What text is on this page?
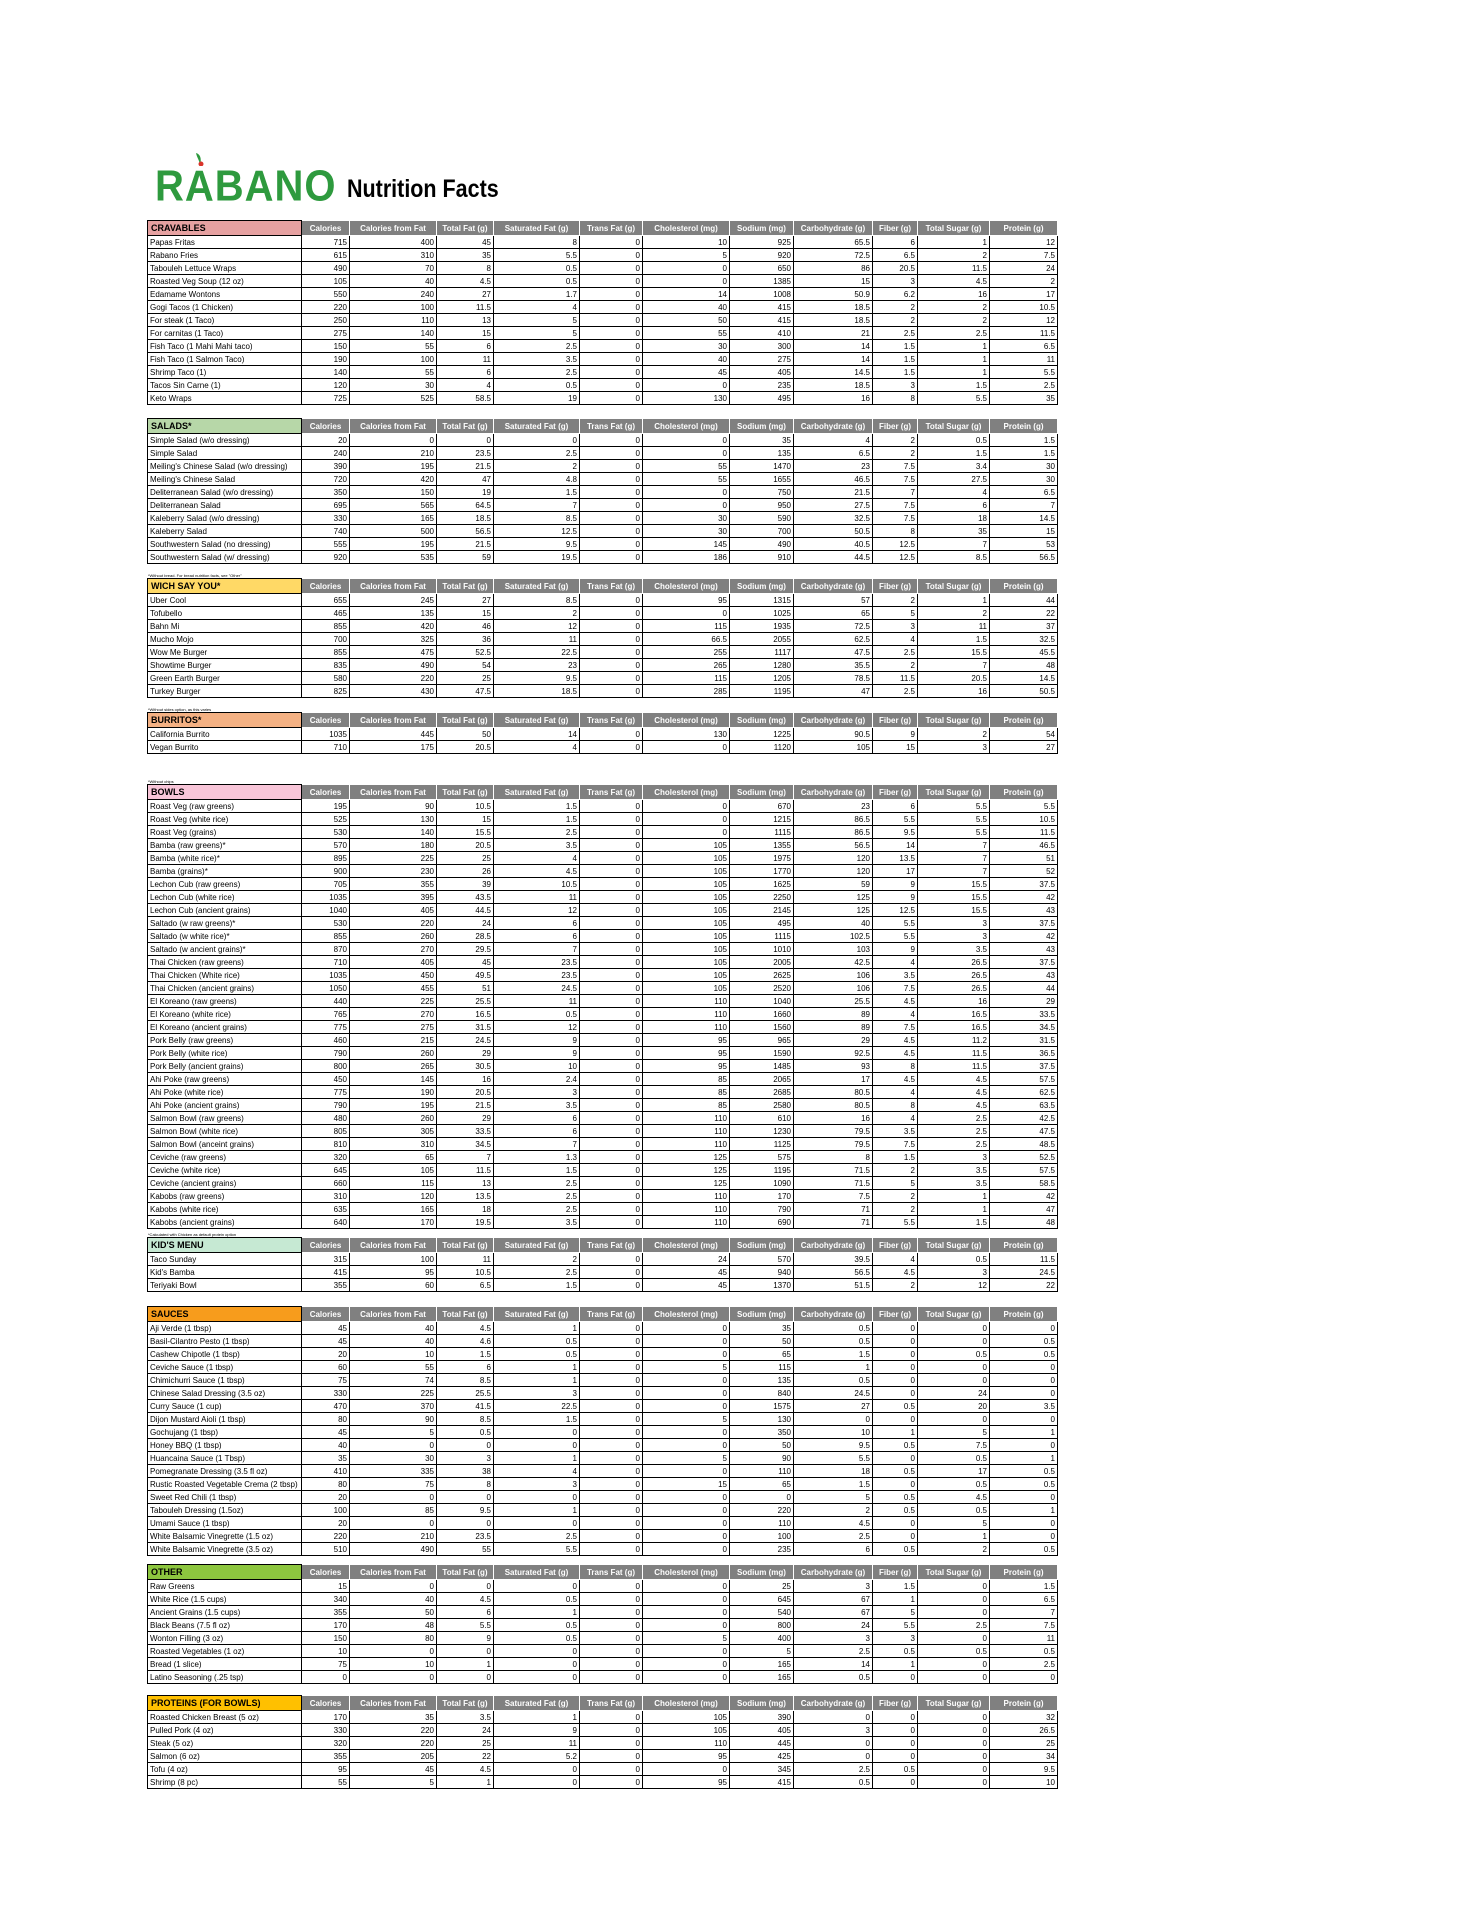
RABANO Nutrition Facts
CRAVABLES	Calories	Calories from Fat	Total Fat (g)	Saturated Fat (g)	Trans Fat (g)	Cholesterol (mg)	Sodium (mg)	Carbohydrate (g)	Fiber (g)	Total Sugar (g)	Protein (g)
Papas Fritas	715	400	45	8	0	10	925	65.5	6	1	12
Rabano Fries	615	310	35	5.5	0	5	920	72.5	6.5	2	7.5
Tabouleh Lettuce Wraps	490	70	8	0.5	0	0	650	86	20.5	11.5	24
Roasted Veg Soup (12 oz)	105	40	4.5	0.5	0	0	1385	15	3	4.5	2
Edamame Wontons	550	240	27	1.7	0	14	1008	50.9	6.2	16	17
Gogi Tacos (1 Chicken)	220	100	11.5	4	0	40	415	18.5	2	2	10.5
For steak (1 Taco)	250	110	13	5	0	50	415	18.5	2	2	12
For carnitas (1 Taco)	275	140	15	5	0	55	410	21	2.5	2.5	11.5
Fish Taco (1 Mahi Mahi taco)	150	55	6	2.5	0	30	300	14	1.5	1	6.5
Fish Taco (1 Salmon Taco)	190	100	11	3.5	0	40	275	14	1.5	1	11
Shrimp Taco (1)	140	55	6	2.5	0	45	405	14.5	1.5	1	5.5
Tacos Sin Carne (1)	120	30	4	0.5	0	0	235	18.5	3	1.5	2.5
Keto Wraps	725	525	58.5	19	0	130	495	16	8	5.5	35
SALADS*	Calories	Calories from Fat	Total Fat (g)	Saturated Fat (g)	Trans Fat (g)	Cholesterol (mg)	Sodium (mg)	Carbohydrate (g)	Fiber (g)	Total Sugar (g)	Protein (g)
Simple Salad (w/o dressing)	20	0	0	0	0	0	35	4	2	0.5	1.5
Simple Salad	240	210	23.5	2.5	0	0	135	6.5	2	1.5	1.5
Meiling's Chinese Salad (w/o dressing)	390	195	21.5	2	0	55	1470	23	7.5	3.4	30
Meiling's Chinese Salad	720	420	47	4.8	0	55	1655	46.5	7.5	27.5	30
Deliterranean Salad (w/o dressing)	350	150	19	1.5	0	0	750	21.5	7	4	6.5
Deliterranean Salad	695	565	64.5	7	0	0	950	27.5	7.5	6	7
Kaleberry Salad (w/o dressing)	330	165	18.5	8.5	0	30	590	32.5	7.5	18	14.5
Kaleberry Salad	740	500	56.5	12.5	0	30	700	50.5	8	35	15
Southwestern Salad (no dressing)	555	195	21.5	9.5	0	145	490	40.5	12.5	7	53
Southwestern Salad (w/ dressing)	920	535	59	19.5	0	186	910	44.5	12.5	8.5	56.5
*Without bread. For bread nutrition facts, see "Other"
WICH SAY YOU*	Calories	Calories from Fat	Total Fat (g)	Saturated Fat (g)	Trans Fat (g)	Cholesterol (mg)	Sodium (mg)	Carbohydrate (g)	Fiber (g)	Total Sugar (g)	Protein (g)
Uber Cool	655	245	27	8.5	0	95	1315	57	2	1	44
Tofubello	465	135	15	2	0	0	1025	65	5	2	22
Bahn Mi	855	420	46	12	0	115	1935	72.5	3	11	37
Mucho Mojo	700	325	36	11	0	66.5	2055	62.5	4	1.5	32.5
Wow Me Burger	855	475	52.5	22.5	0	255	1117	47.5	2.5	15.5	45.5
Showtime Burger	835	490	54	23	0	265	1280	35.5	2	7	48
Green Earth Burger	580	220	25	9.5	0	115	1205	78.5	11.5	20.5	14.5
Turkey Burger	825	430	47.5	18.5	0	285	1195	47	2.5	16	50.5
*Without sides option, as this varies
BURRITOS*	Calories	Calories from Fat	Total Fat (g)	Saturated Fat (g)	Trans Fat (g)	Cholesterol (mg)	Sodium (mg)	Carbohydrate (g)	Fiber (g)	Total Sugar (g)	Protein (g)
California Burrito	1035	445	50	14	0	130	1225	90.5	9	2	54
Vegan Burrito	710	175	20.5	4	0	0	1120	105	15	3	27
*Without chips
BOWLS	Calories	Calories from Fat	Total Fat (g)	Saturated Fat (g)	Trans Fat (g)	Cholesterol (mg)	Sodium (mg)	Carbohydrate (g)	Fiber (g)	Total Sugar (g)	Protein (g)
Roast Veg (raw greens)	195	90	10.5	1.5	0	0	670	23	6	5.5	5.5
Roast Veg (white rice)	525	130	15	1.5	0	0	1215	86.5	5.5	5.5	10.5
Roast Veg (grains)	530	140	15.5	2.5	0	0	1115	86.5	9.5	5.5	11.5
Bamba (raw greens)*	570	180	20.5	3.5	0	105	1355	56.5	14	7	46.5
Bamba (white rice)*	895	225	25	4	0	105	1975	120	13.5	7	51
Bamba (grains)*	900	230	26	4.5	0	105	1770	120	17	7	52
Lechon Cub (raw greens)	705	355	39	10.5	0	105	1625	59	9	15.5	37.5
Lechon Cub (white rice)	1035	395	43.5	11	0	105	2250	125	9	15.5	42
Lechon Cub (ancient grains)	1040	405	44.5	12	0	105	2145	125	12.5	15.5	43
Saltado (w raw greens)*	530	220	24	6	0	105	495	40	5.5	3	37.5
Saltado (w white rice)*	855	260	28.5	6	0	105	1115	102.5	5.5	3	42
Saltado (w ancient grains)*	870	270	29.5	7	0	105	1010	103	9	3.5	43
Thai Chicken (raw greens)	710	405	45	23.5	0	105	2005	42.5	4	26.5	37.5
Thai Chicken (White rice)	1035	450	49.5	23.5	0	105	2625	106	3.5	26.5	43
Thai Chicken (ancient grains)	1050	455	51	24.5	0	105	2520	106	7.5	26.5	44
El Koreano (raw greens)	440	225	25.5	11	0	110	1040	25.5	4.5	16	29
El Koreano (white rice)	765	270	16.5	0.5	0	110	1660	89	4	16.5	33.5
El Koreano (ancient grains)	775	275	31.5	12	0	110	1560	89	7.5	16.5	34.5
Pork Belly (raw greens)	460	215	24.5	9	0	95	965	29	4.5	11.2	31.5
Pork Belly (white rice)	790	260	29	9	0	95	1590	92.5	4.5	11.5	36.5
Pork Belly (ancient grains)	800	265	30.5	10	0	95	1485	93	8	11.5	37.5
Ahi Poke (raw greens)	450	145	16	2.4	0	85	2065	17	4.5	4.5	57.5
Ahi Poke (white rice)	775	190	20.5	3	0	85	2685	80.5	4	4.5	62.5
Ahi Poke (ancient grains)	790	195	21.5	3.5	0	85	2580	80.5	8	4.5	63.5
Salmon Bowl (raw greens)	480	260	29	6	0	110	610	16	4	2.5	42.5
Salmon Bowl (white rice)	805	305	33.5	6	0	110	1230	79.5	3.5	2.5	47.5
Salmon Bowl (anceint grains)	810	310	34.5	7	0	110	1125	79.5	7.5	2.5	48.5
Ceviche (raw greens)	320	65	7	1.3	0	125	575	8	1.5	3	52.5
Ceviche (white rice)	645	105	11.5	1.5	0	125	1195	71.5	2	3.5	57.5
Ceviche (ancient grains)	660	115	13	2.5	0	125	1090	71.5	5	3.5	58.5
Kabobs (raw greens)	310	120	13.5	2.5	0	110	170	7.5	2	1	42
Kabobs (white rice)	635	165	18	2.5	0	110	790	71	2	1	47
Kabobs (ancient grains)	640	170	19.5	3.5	0	110	690	71	5.5	1.5	48
*Calculated with Chicken as default protein option
KID'S MENU	Calories	Calories from Fat	Total Fat (g)	Saturated Fat (g)	Trans Fat (g)	Cholesterol (mg)	Sodium (mg)	Carbohydrate (g)	Fiber (g)	Total Sugar (g)	Protein (g)
Taco Sunday	315	100	11	2	0	24	570	39.5	4	0.5	11.5
Kid's Bamba	415	95	10.5	2.5	0	45	940	56.5	4.5	3	24.5
Teriyaki Bowl	355	60	6.5	1.5	0	45	1370	51.5	2	12	22
SAUCES	Calories	Calories from Fat	Total Fat (g)	Saturated Fat (g)	Trans Fat (g)	Cholesterol (mg)	Sodium (mg)	Carbohydrate (g)	Fiber (g)	Total Sugar (g)	Protein (g)
Aji Verde (1 tbsp)	45	40	4.5	1	0	0	35	0.5	0	0	0
Basil-Cilantro Pesto (1 tbsp)	45	40	4.6	0.5	0	0	50	0.5	0	0	0.5
Cashew Chipotle (1 tbsp)	20	10	1.5	0.5	0	0	65	1.5	0	0.5	0.5
Ceviche Sauce (1 tbsp)	60	55	6	1	0	5	115	1	0	0	0
Chimichurri Sauce (1 tbsp)	75	74	8.5	1	0	0	135	0.5	0	0	0
Chinese Salad Dressing (3.5 oz)	330	225	25.5	3	0	0	840	24.5	0	24	0
Curry Sauce (1 cup)	470	370	41.5	22.5	0	0	1575	27	0.5	20	3.5
Dijon Mustard Aioli (1 tbsp)	80	90	8.5	1.5	0	5	130	0	0	0	0
Gochujang (1 tbsp)	45	5	0.5	0	0	0	350	10	1	5	1
Honey BBQ (1 tbsp)	40	0	0	0	0	0	50	9.5	0.5	7.5	0
Huancaina Sauce (1 Tbsp)	35	30	3	1	0	5	90	5.5	0	0.5	1
Pomegranate Dressing (3.5 fl oz)	410	335	38	4	0	0	110	18	0.5	17	0.5
Rustic Roasted Vegetable Crema (2 tbsp)	80	75	8	3	0	15	65	1.5	0	0.5	0.5
Sweet Red Chili (1 tbsp)	20	0	0	0	0	0	0	5	0.5	4.5	0
Tabouleh Dressing (1.5oz)	100	85	9.5	1	0	0	220	2	0.5	0.5	1
Umami Sauce (1 tbsp)	20	0	0	0	0	0	110	4.5	0	5	0
White Balsamic Vinegrette (1.5 oz)	220	210	23.5	2.5	0	0	100	2.5	0	1	0
White Balsamic Vinegrette (3.5 oz)	510	490	55	5.5	0	0	235	6	0.5	2	0.5
OTHER	Calories	Calories from Fat	Total Fat (g)	Saturated Fat (g)	Trans Fat (g)	Cholesterol (mg)	Sodium (mg)	Carbohydrate (g)	Fiber (g)	Total Sugar (g)	Protein (g)
Raw Greens	15	0	0	0	0	0	25	3	1.5	0	1.5
White Rice (1.5 cups)	340	40	4.5	0.5	0	0	645	67	1	0	6.5
Ancient Grains (1.5 cups)	355	50	6	1	0	0	540	67	5	0	7
Black Beans (7.5 fl oz)	170	48	5.5	0.5	0	0	800	24	5.5	2.5	7.5
Wonton Filling (3 oz)	150	80	9	0.5	0	5	400	3	3	0	11
Roasted Vegetables (1 oz)	10	0	0	0	0	0	5	2.5	0.5	0.5	0.5
Bread (1 slice)	75	10	1	0	0	0	165	14	1	0	2.5
Latino Seasoning (.25 tsp)	0	0	0	0	0	0	165	0.5	0	0	0
PROTEINS (FOR BOWLS)	Calories	Calories from Fat	Total Fat (g)	Saturated Fat (g)	Trans Fat (g)	Cholesterol (mg)	Sodium (mg)	Carbohydrate (g)	Fiber (g)	Total Sugar (g)	Protein (g)
Roasted Chicken Breast (5 oz)	170	35	3.5	1	0	105	390	0	0	0	32
Pulled Pork (4 oz)	330	220	24	9	0	105	405	3	0	0	26.5
Steak (5 oz)	320	220	25	11	0	110	445	0	0	0	25
Salmon (6 oz)	355	205	22	5.2	0	95	425	0	0	0	34
Tofu (4 oz)	95	45	4.5	0	0	0	345	2.5	0.5	0	9.5
Shrimp (8 pc)	55	5	1	0	0	95	415	0.5	0	0	10
